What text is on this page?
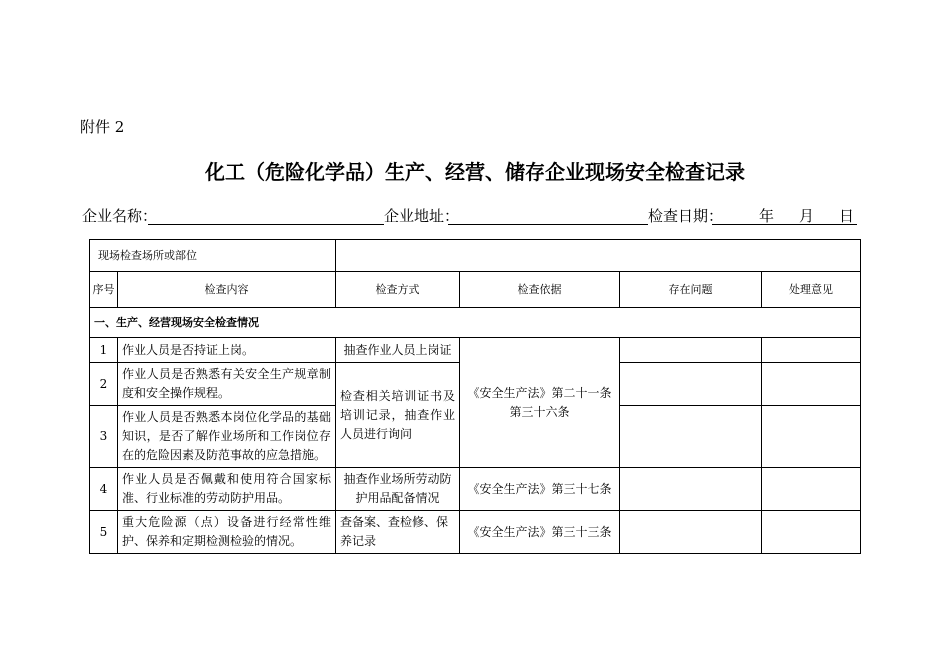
附件 2
化工（危险化学品）生产、经营、储存企业现场安全检查记录
企业名称：	企业地址：	检查日期： 年 月 日
现场检查场所或部位					
序号	检查内容	检查方式	检查依据	存在问题	处理意见
一、生产、经营现场安全检查情况					
1	作业人员是否持证上岗。	抽查作业人员上岗证	《安全生产法》第二十一条第三十六条		
2	作业人员是否熟悉有关安全生产规章制度和安全操作规程。	检查相关培训证书及培训记录，抽查作业人员进行询问			
3	作业人员是否熟悉本岗位化学品的基础知识，是否了解作业场所和工作岗位存在的危险因素及防范事故的应急措施。				
4	作业人员是否佩戴和使用符合国家标准、行业标准的劳动防护用品。	抽查作业场所劳动防护用品配备情况	《安全生产法》第三十七条		
5	重大危险源（点）设备进行经常性维护、保养和定期检测检验的情况。	查备案、查检修、保养记录	《安全生产法》第三十三条		
